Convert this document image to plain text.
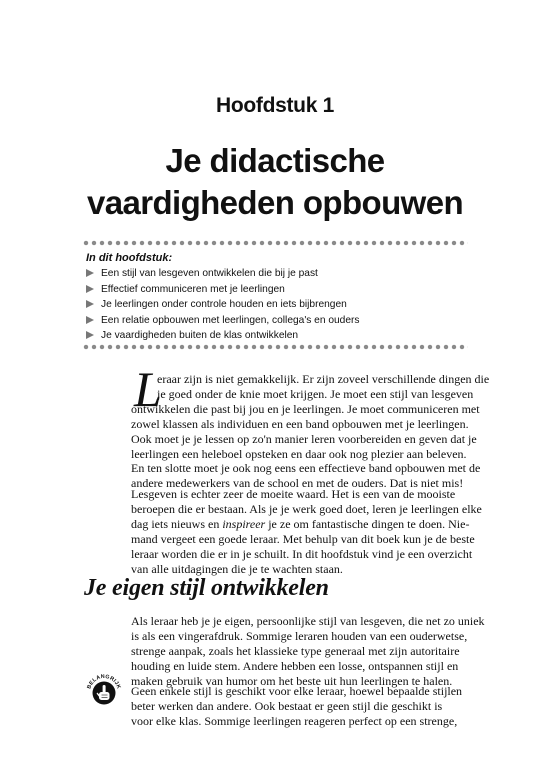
Hoofdstuk 1
Je didactische
vaardigheden opbouwen
In dit hoofdstuk:
Een stijl van lesgeven ontwikkelen die bij je past
Effectief communiceren met je leerlingen
Je leerlingen onder controle houden en iets bijbrengen
Een relatie opbouwen met leerlingen, collega's en ouders
Je vaardigheden buiten de klas ontwikkelen
L
eraar zijn is niet gemakkelijk. Er zijn zoveel verschillende dingen die
je goed onder de knie moet krijgen. Je moet een stijl van lesgeven
ontwikkelen die past bij jou en je leerlingen. Je moet communiceren met
zowel klassen als individuen en een band opbouwen met je leerlingen.
Ook moet je je lessen op zo'n manier leren voorbereiden en geven dat je
leerlingen een heleboel opsteken en daar ook nog plezier aan beleven.
En ten slotte moet je ook nog eens een effectieve band opbouwen met de
andere medewerkers van de school en met de ouders. Dat is niet mis!
Lesgeven is echter zeer de moeite waard. Het is een van de mooiste
beroepen die er bestaan. Als je je werk goed doet, leren je leerlingen elke
dag iets nieuws en inspireer je ze om fantastische dingen te doen. Nie-
mand vergeet een goede leraar. Met behulp van dit boek kun je de beste
leraar worden die er in je schuilt. In dit hoofdstuk vind je een overzicht
van alle uitdagingen die je te wachten staan.
Je eigen stijl ontwikkelen
Als leraar heb je je eigen, persoonlijke stijl van lesgeven, die net zo uniek
is als een vingerafdruk. Sommige leraren houden van een ouderwetse,
strenge aanpak, zoals het klassieke type generaal met zijn autoritaire
houding en luide stem. Andere hebben een losse, ontspannen stijl en
maken gebruik van humor om het beste uit hun leerlingen te halen.
BELANGRIJK Geen enkele stijl is geschikt voor elke leraar, hoewel bepaalde stijlen
beter werken dan andere. Ook bestaat er geen stijl die geschikt is
voor elke klas. Sommige leerlingen reageren perfect op een strenge,
